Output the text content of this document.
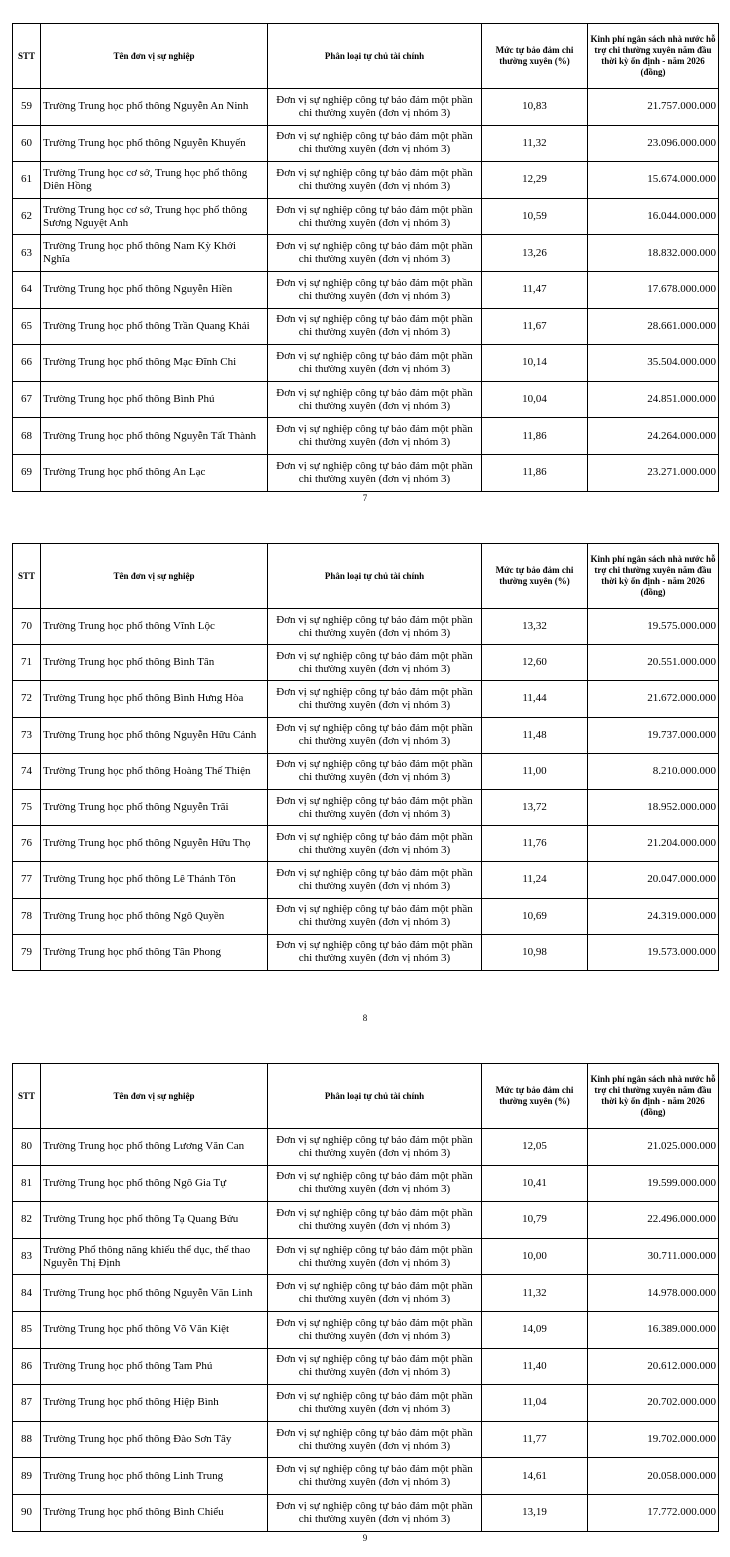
STT	Tên đơn vị sự nghiệp	Phân loại tự chủ tài chính	Mức tự bảo đảm chi thường xuyên (%)	Kinh phí ngân sách nhà nước hỗ trợ chi thường xuyên năm đầu thời kỳ ổn định - năm 2026 (đồng)
59	Trường Trung học phổ thông Nguyễn An Ninh	Đơn vị sự nghiệp công tự bảo đảm một phần chi thường xuyên (đơn vị nhóm 3)	10,83	21.757.000.000
60	Trường Trung học phổ thông Nguyễn Khuyến	Đơn vị sự nghiệp công tự bảo đảm một phần chi thường xuyên (đơn vị nhóm 3)	11,32	23.096.000.000
61	Trường Trung học cơ sở, Trung học phổ thông Diên Hồng	Đơn vị sự nghiệp công tự bảo đảm một phần chi thường xuyên (đơn vị nhóm 3)	12,29	15.674.000.000
62	Trường Trung học cơ sở, Trung học phổ thông Sương Nguyệt Anh	Đơn vị sự nghiệp công tự bảo đảm một phần chi thường xuyên (đơn vị nhóm 3)	10,59	16.044.000.000
63	Trường Trung học phổ thông Nam Kỳ Khởi Nghĩa	Đơn vị sự nghiệp công tự bảo đảm một phần chi thường xuyên (đơn vị nhóm 3)	13,26	18.832.000.000
64	Trường Trung học phổ thông Nguyễn Hiền	Đơn vị sự nghiệp công tự bảo đảm một phần chi thường xuyên (đơn vị nhóm 3)	11,47	17.678.000.000
65	Trường Trung học phổ thông Trần Quang Khải	Đơn vị sự nghiệp công tự bảo đảm một phần chi thường xuyên (đơn vị nhóm 3)	11,67	28.661.000.000
66	Trường Trung học phổ thông Mạc Đĩnh Chi	Đơn vị sự nghiệp công tự bảo đảm một phần chi thường xuyên (đơn vị nhóm 3)	10,14	35.504.000.000
67	Trường Trung học phổ thông Bình Phú	Đơn vị sự nghiệp công tự bảo đảm một phần chi thường xuyên (đơn vị nhóm 3)	10,04	24.851.000.000
68	Trường Trung học phổ thông Nguyễn Tất Thành	Đơn vị sự nghiệp công tự bảo đảm một phần chi thường xuyên (đơn vị nhóm 3)	11,86	24.264.000.000
69	Trường Trung học phổ thông An Lạc	Đơn vị sự nghiệp công tự bảo đảm một phần chi thường xuyên (đơn vị nhóm 3)	11,86	23.271.000.000
7
STT	Tên đơn vị sự nghiệp	Phân loại tự chủ tài chính	Mức tự bảo đảm chi thường xuyên (%)	Kinh phí ngân sách nhà nước hỗ trợ chi thường xuyên năm đầu thời kỳ ổn định - năm 2026 (đồng)
70	Trường Trung học phổ thông Vĩnh Lộc	Đơn vị sự nghiệp công tự bảo đảm một phần chi thường xuyên (đơn vị nhóm 3)	13,32	19.575.000.000
71	Trường Trung học phổ thông Bình Tân	Đơn vị sự nghiệp công tự bảo đảm một phần chi thường xuyên (đơn vị nhóm 3)	12,60	20.551.000.000
72	Trường Trung học phổ thông Bình Hưng Hòa	Đơn vị sự nghiệp công tự bảo đảm một phần chi thường xuyên (đơn vị nhóm 3)	11,44	21.672.000.000
73	Trường Trung học phổ thông Nguyễn Hữu Cảnh	Đơn vị sự nghiệp công tự bảo đảm một phần chi thường xuyên (đơn vị nhóm 3)	11,48	19.737.000.000
74	Trường Trung học phổ thông Hoàng Thế Thiện	Đơn vị sự nghiệp công tự bảo đảm một phần chi thường xuyên (đơn vị nhóm 3)	11,00	8.210.000.000
75	Trường Trung học phổ thông Nguyễn Trãi	Đơn vị sự nghiệp công tự bảo đảm một phần chi thường xuyên (đơn vị nhóm 3)	13,72	18.952.000.000
76	Trường Trung học phổ thông Nguyễn Hữu Thọ	Đơn vị sự nghiệp công tự bảo đảm một phần chi thường xuyên (đơn vị nhóm 3)	11,76	21.204.000.000
77	Trường Trung học phổ thông Lê Thánh Tôn	Đơn vị sự nghiệp công tự bảo đảm một phần chi thường xuyên (đơn vị nhóm 3)	11,24	20.047.000.000
78	Trường Trung học phổ thông Ngô Quyền	Đơn vị sự nghiệp công tự bảo đảm một phần chi thường xuyên (đơn vị nhóm 3)	10,69	24.319.000.000
79	Trường Trung học phổ thông Tân Phong	Đơn vị sự nghiệp công tự bảo đảm một phần chi thường xuyên (đơn vị nhóm 3)	10,98	19.573.000.000
8
STT	Tên đơn vị sự nghiệp	Phân loại tự chủ tài chính	Mức tự bảo đảm chi thường xuyên (%)	Kinh phí ngân sách nhà nước hỗ trợ chi thường xuyên năm đầu thời kỳ ổn định - năm 2026 (đồng)
80	Trường Trung học phổ thông Lương Văn Can	Đơn vị sự nghiệp công tự bảo đảm một phần chi thường xuyên (đơn vị nhóm 3)	12,05	21.025.000.000
81	Trường Trung học phổ thông Ngô Gia Tự	Đơn vị sự nghiệp công tự bảo đảm một phần chi thường xuyên (đơn vị nhóm 3)	10,41	19.599.000.000
82	Trường Trung học phổ thông Tạ Quang Bửu	Đơn vị sự nghiệp công tự bảo đảm một phần chi thường xuyên (đơn vị nhóm 3)	10,79	22.496.000.000
83	Trường Phổ thông năng khiếu thể dục, thể thao Nguyễn Thị Định	Đơn vị sự nghiệp công tự bảo đảm một phần chi thường xuyên (đơn vị nhóm 3)	10,00	30.711.000.000
84	Trường Trung học phổ thông Nguyễn Văn Linh	Đơn vị sự nghiệp công tự bảo đảm một phần chi thường xuyên (đơn vị nhóm 3)	11,32	14.978.000.000
85	Trường Trung học phổ thông Võ Văn Kiệt	Đơn vị sự nghiệp công tự bảo đảm một phần chi thường xuyên (đơn vị nhóm 3)	14,09	16.389.000.000
86	Trường Trung học phổ thông Tam Phú	Đơn vị sự nghiệp công tự bảo đảm một phần chi thường xuyên (đơn vị nhóm 3)	11,40	20.612.000.000
87	Trường Trung học phổ thông Hiệp Bình	Đơn vị sự nghiệp công tự bảo đảm một phần chi thường xuyên (đơn vị nhóm 3)	11,04	20.702.000.000
88	Trường Trung học phổ thông Đào Sơn Tây	Đơn vị sự nghiệp công tự bảo đảm một phần chi thường xuyên (đơn vị nhóm 3)	11,77	19.702.000.000
89	Trường Trung học phổ thông Linh Trung	Đơn vị sự nghiệp công tự bảo đảm một phần chi thường xuyên (đơn vị nhóm 3)	14,61	20.058.000.000
90	Trường Trung học phổ thông Bình Chiểu	Đơn vị sự nghiệp công tự bảo đảm một phần chi thường xuyên (đơn vị nhóm 3)	13,19	17.772.000.000
9
